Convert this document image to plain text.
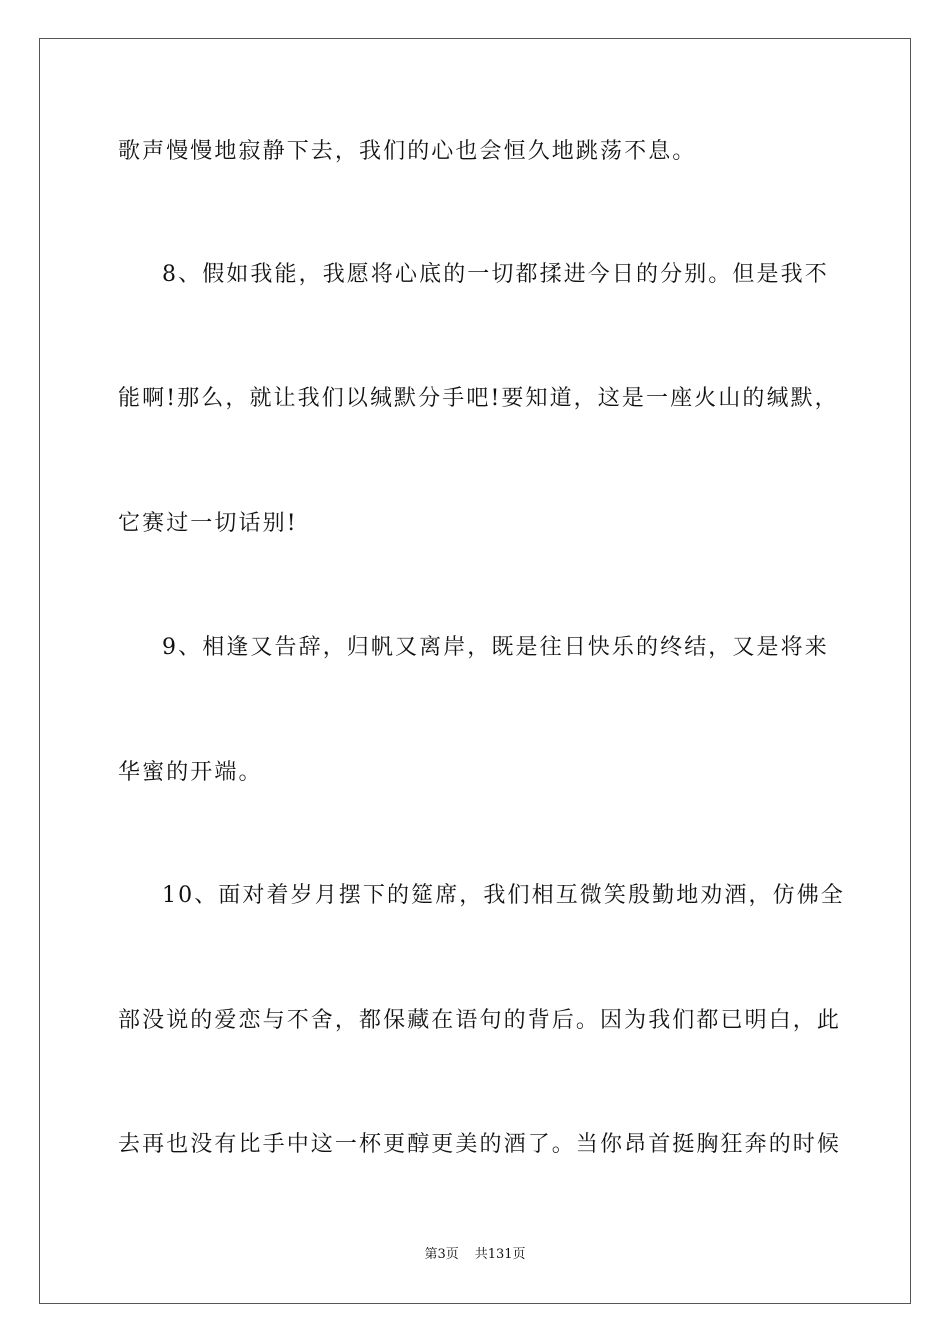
歌声慢慢地寂静下去，我们的心也会恒久地跳荡不息。
8、假如我能，我愿将心底的一切都揉进今日的分别。但是我不
能啊!那么，就让我们以缄默分手吧!要知道，这是一座火山的缄默，
它赛过一切话别!
9、相逢又告辞，归帆又离岸，既是往日快乐的终结，又是将来
华蜜的开端。
10、面对着岁月摆下的筵席，我们相互微笑殷勤地劝酒，仿佛全
部没说的爱恋与不舍，都保藏在语句的背后。因为我们都已明白，此
去再也没有比手中这一杯更醇更美的酒了。当你昂首挺胸狂奔的时候
第3页 共131页
